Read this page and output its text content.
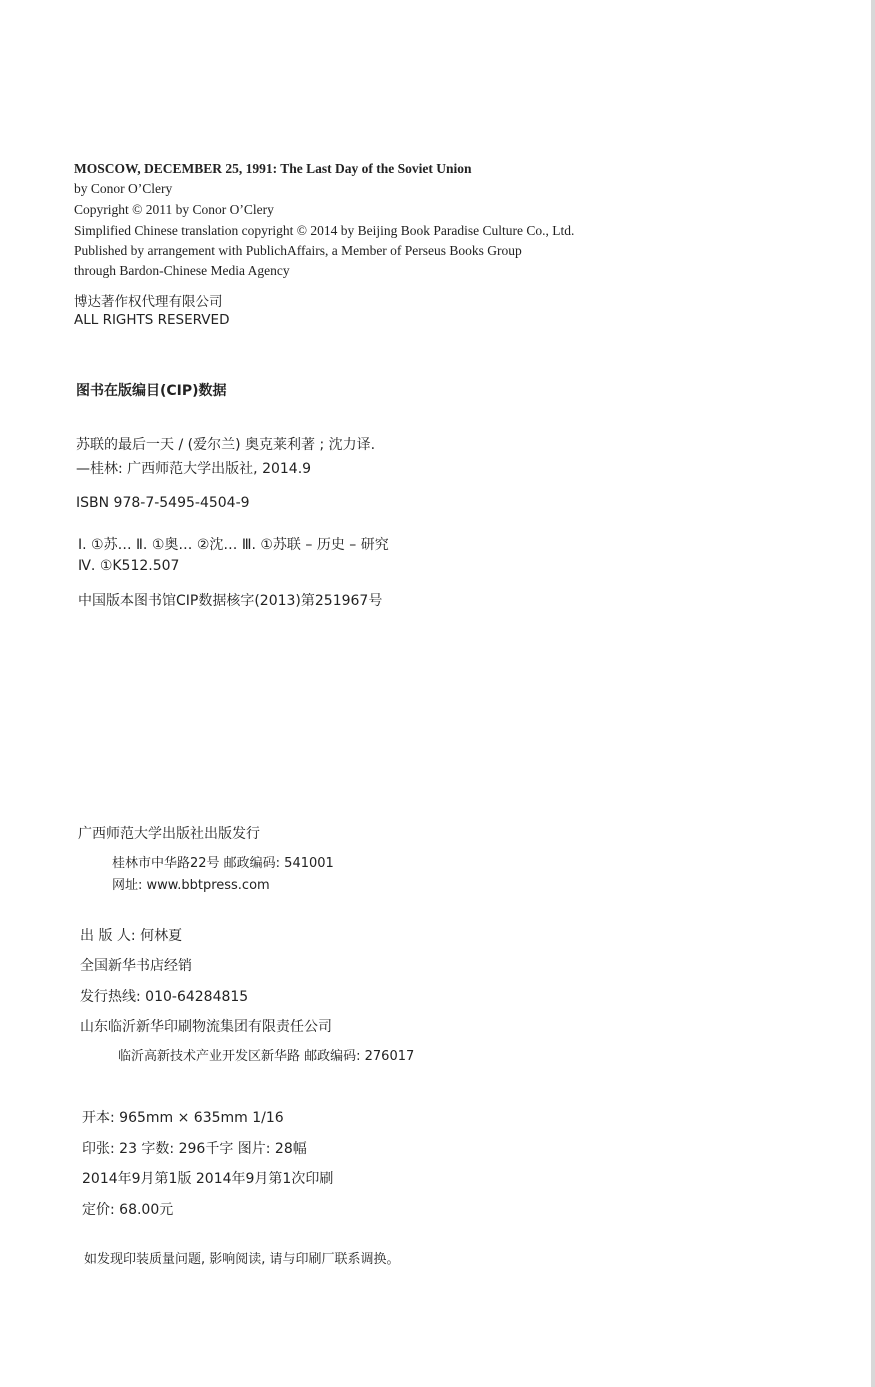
MOSCOW, DECEMBER 25, 1991: The Last Day of the Soviet Union
by Conor O’Clery
Copyright © 2011 by Conor O’Clery
Simplified Chinese translation copyright © 2014 by Beijing Book Paradise Culture Co., Ltd.
Published by arrangement with PublichAffairs, a Member of Perseus Books Group
through Bardon-Chinese Media Agency
博达著作权代理有限公司
ALL RIGHTS RESERVED
图书在版编目(CIP)数据
苏联的最后一天 / (爱尔兰) 奥克莱利著 ; 沈力译.
—桂林: 广西师范大学出版社, 2014.9
ISBN 978-7-5495-4504-9
Ⅰ. ①苏… Ⅱ. ①奥… ②沈… Ⅲ. ①苏联 – 历史 – 研究
Ⅳ. ①K512.507
中国版本图书馆CIP数据核字(2013)第251967号
广西师范大学出版社出版发行
桂林市中华路22号 邮政编码: 541001
网址: www.bbtpress.com
出 版 人: 何林夏
全国新华书店经销
发行热线: 010-64284815
山东临沂新华印刷物流集团有限责任公司
临沂高新技术产业开发区新华路 邮政编码: 276017
开本: 965mm × 635mm 1/16
印张: 23 字数: 296千字 图片: 28幅
2014年9月第1版 2014年9月第1次印刷
定价: 68.00元
如发现印装质量问题, 影响阅读, 请与印刷厂联系调换。
